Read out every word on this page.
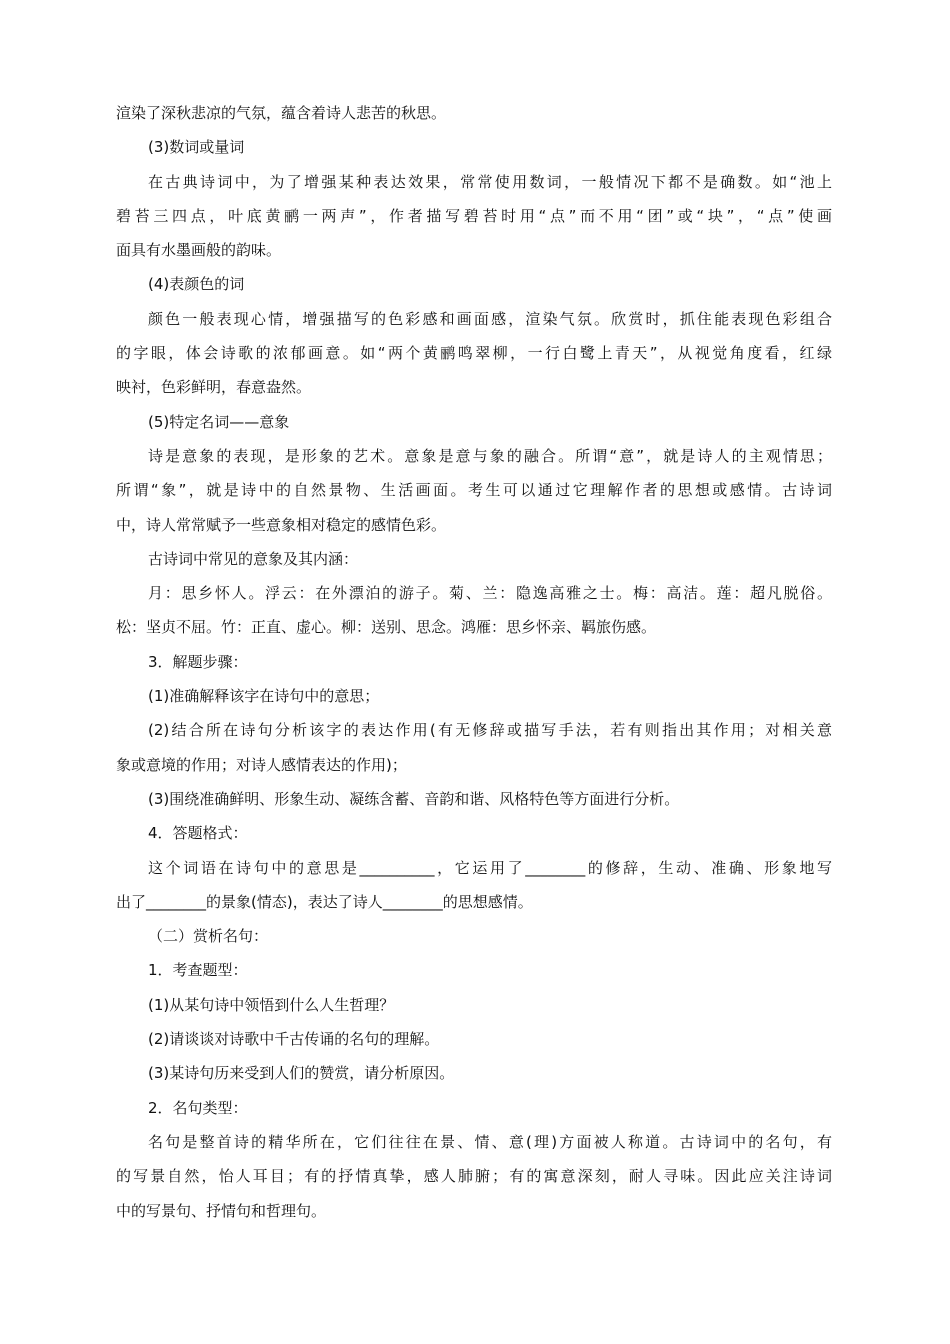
渲染了深秋悲凉的气氛，蕴含着诗人悲苦的秋思。
(3)数词或量词
在古典诗词中，为了增强某种表达效果，常常使用数词，一般情况下都不是确数。如“池上
碧苔三四点，叶底黄鹂一两声”，作者描写碧苔时用“点”而不用“团”或“块”，“点”使画
面具有水墨画般的韵味。
(4)表颜色的词
颜色一般表现心情，增强描写的色彩感和画面感，渲染气氛。欣赏时，抓住能表现色彩组合
的字眼，体会诗歌的浓郁画意。如“两个黄鹂鸣翠柳，一行白鹭上青天”，从视觉角度看，红绿
映衬，色彩鲜明，春意盎然。
(5)特定名词——意象
诗是意象的表现，是形象的艺术。意象是意与象的融合。所谓“意”，就是诗人的主观情思；
所谓“象”，就是诗中的自然景物、生活画面。考生可以通过它理解作者的思想或感情。古诗词
中，诗人常常赋予一些意象相对稳定的感情色彩。
古诗词中常见的意象及其内涵：
月：思乡怀人。浮云：在外漂泊的游子。菊、兰：隐逸高雅之士。梅：高洁。莲：超凡脱俗。
松：坚贞不屈。竹：正直、虚心。柳：送别、思念。鸿雁：思乡怀亲、羁旅伤感。
3．解题步骤：
(1)准确解释该字在诗句中的意思；
(2)结合所在诗句分析该字的表达作用(有无修辞或描写手法，若有则指出其作用；对相关意
象或意境的作用；对诗人感情表达的作用)；
(3)围绕准确鲜明、形象生动、凝练含蓄、音韵和谐、风格特色等方面进行分析。
4．答题格式：
这个词语在诗句中的意思是__________，它运用了________的修辞，生动、准确、形象地写
出了________的景象(情态)，表达了诗人________的思想感情。
（二）赏析名句：
1．考查题型：
(1)从某句诗中领悟到什么人生哲理？
(2)请谈谈对诗歌中千古传诵的名句的理解。
(3)某诗句历来受到人们的赞赏，请分析原因。
2．名句类型：
名句是整首诗的精华所在，它们往往在景、情、意(理)方面被人称道。古诗词中的名句，有
的写景自然，怡人耳目；有的抒情真挚，感人肺腑；有的寓意深刻，耐人寻味。因此应关注诗词
中的写景句、抒情句和哲理句。
